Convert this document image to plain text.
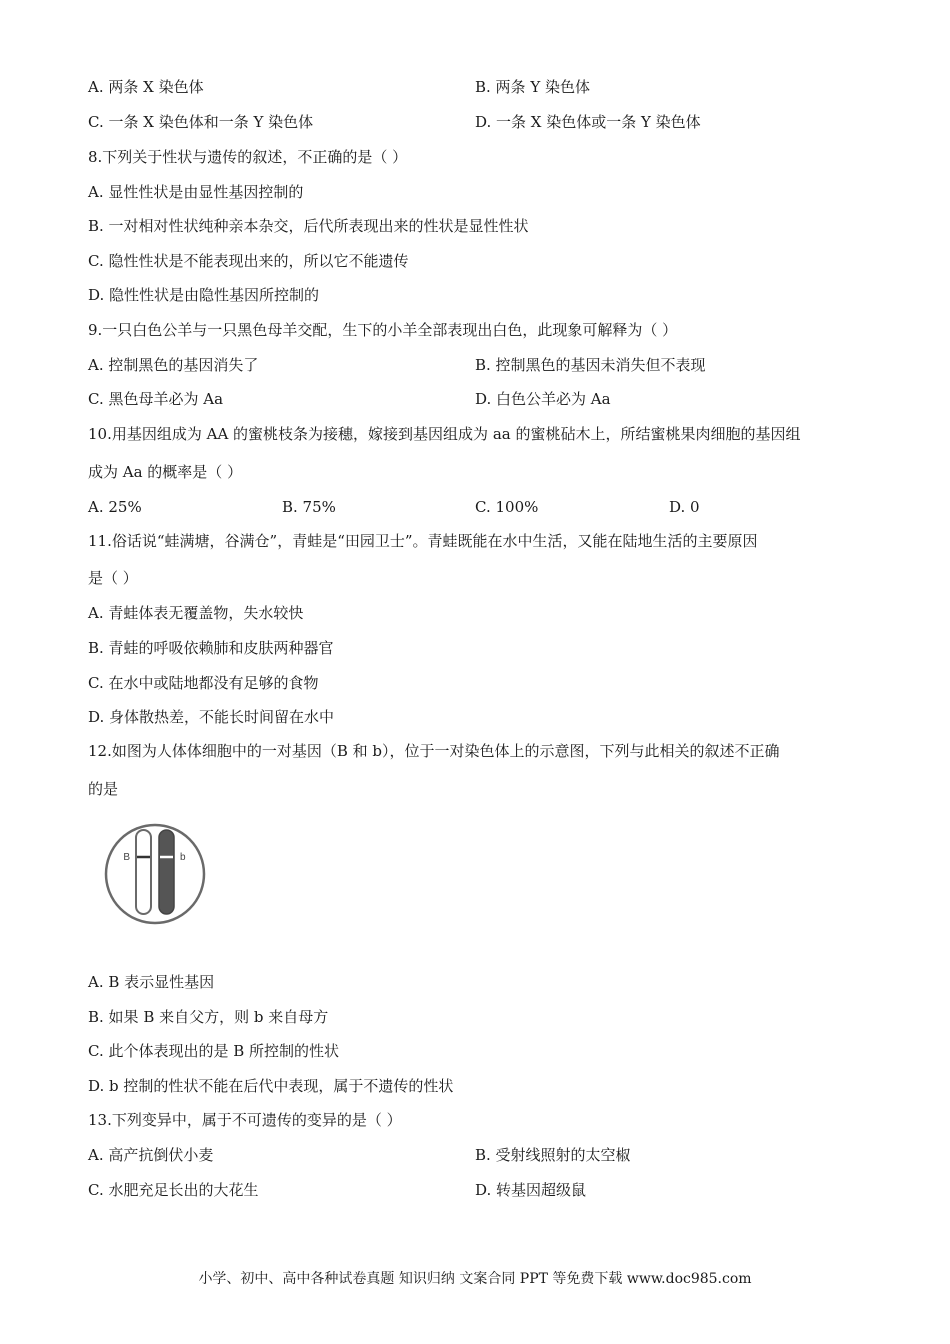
A. 两条 X 染色体	B. 两条 Y 染色体
C. 一条 X 染色体和一条 Y 染色体	D. 一条 X 染色体或一条 Y 染色体
8.下列关于性状与遗传的叙述，不正确的是（ ）
A. 显性性状是由显性基因控制的
B. 一对相对性状纯种亲本杂交，后代所表现出来的性状是显性性状
C. 隐性性状是不能表现出来的，所以它不能遗传
D. 隐性性状是由隐性基因所控制的
9.一只白色公羊与一只黑色母羊交配，生下的小羊全部表现出白色，此现象可解释为（ ）
A. 控制黑色的基因消失了	B. 控制黑色的基因未消失但不表现
C. 黑色母羊必为 Aa	D. 白色公羊必为 Aa
10.用基因组成为 AA 的蜜桃枝条为接穗，嫁接到基因组成为 aa 的蜜桃砧木上，所结蜜桃果肉细胞的基因组
成为 Aa 的概率是（ ）
A. 25%	B. 75%	C. 100%	D. 0
11.俗话说“蛙满塘，谷满仓”，青蛙是“田园卫士”。青蛙既能在水中生活，又能在陆地生活的主要原因
是（ ）
A. 青蛙体表无覆盖物，失水较快
B. 青蛙的呼吸依赖肺和皮肤两种器官
C. 在水中或陆地都没有足够的食物
D. 身体散热差，不能长时间留在水中
12.如图为人体体细胞中的一对基因（B 和 b），位于一对染色体上的示意图，下列与此相关的叙述不正确
的是
B	b
A. B 表示显性基因
B. 如果 B 来自父方，则 b 来自母方
C. 此个体表现出的是 B 所控制的性状
D. b 控制的性状不能在后代中表现，属于不遗传的性状
13.下列变异中，属于不可遗传的变异的是（ ）
A. 高产抗倒伏小麦	B. 受射线照射的太空椒
C. 水肥充足长出的大花生	D. 转基因超级鼠
小学、初中、高中各种试卷真题 知识归纳 文案合同 PPT 等免费下载 www.doc985.com
